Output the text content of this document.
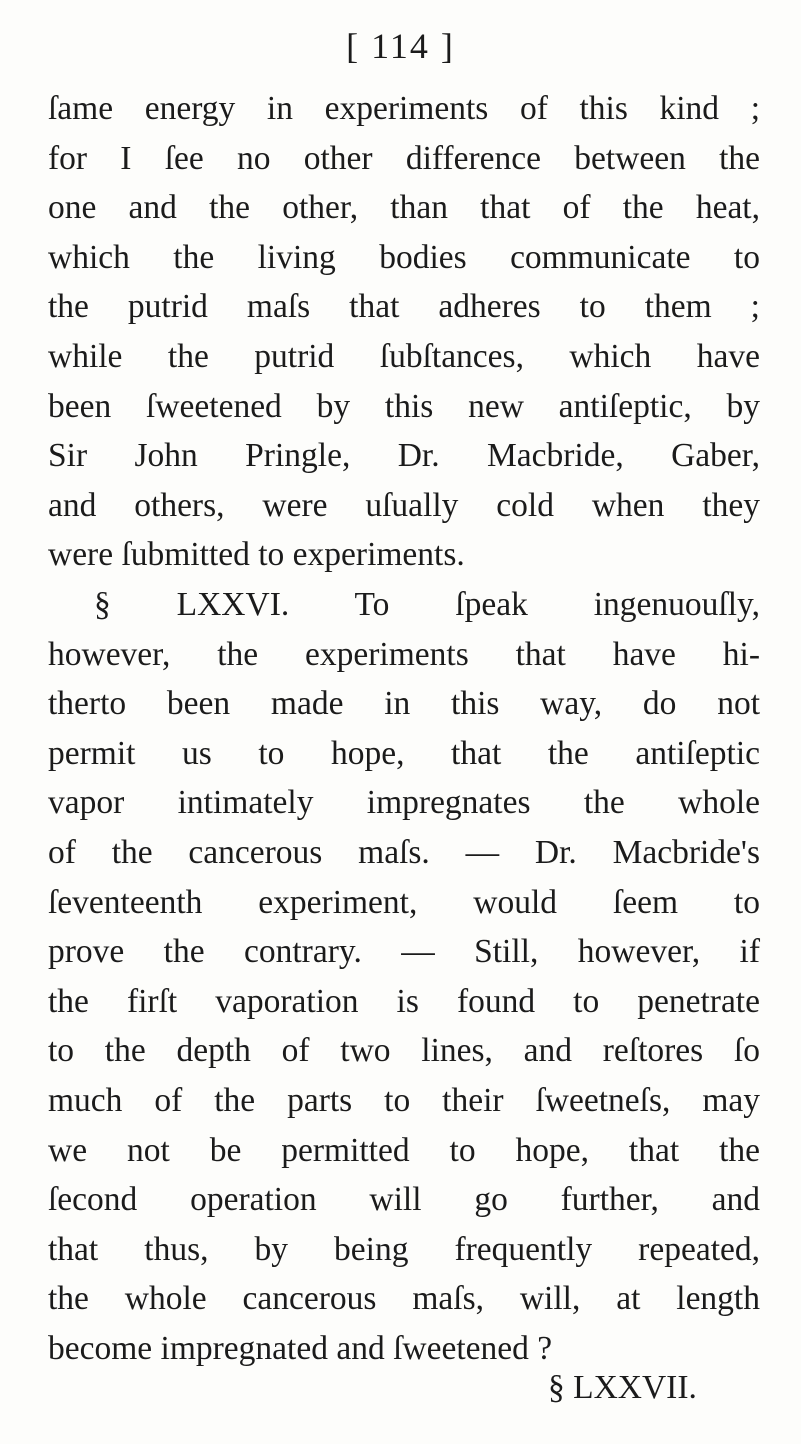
[ 114 ]
ſame energy in experiments of this kind ;
for I ſee no other difference between the
one and the other, than that of the heat,
which the living bodies communicate to
the putrid maſs that adheres to them ;
while the putrid ſubſtances, which have
been ſweetened by this new antiſeptic, by
Sir John Pringle, Dr. Macbride, Gaber,
and others, were uſually cold when they
were ſubmitted to experiments.
§ LXXVI. To ſpeak ingenuouſly,
however, the experiments that have hi-
therto been made in this way, do not
permit us to hope, that the antiſeptic
vapor intimately impregnates the whole
of the cancerous maſs. — Dr. Macbride's
ſeventeenth experiment, would ſeem to
prove the contrary. — Still, however, if
the firſt vaporation is found to penetrate
to the depth of two lines, and reſtores ſo
much of the parts to their ſweetneſs, may
we not be permitted to hope, that the
ſecond operation will go further, and
that thus, by being frequently repeated,
the whole cancerous maſs, will, at length
become impregnated and ſweetened ?
§ LXXVII.
